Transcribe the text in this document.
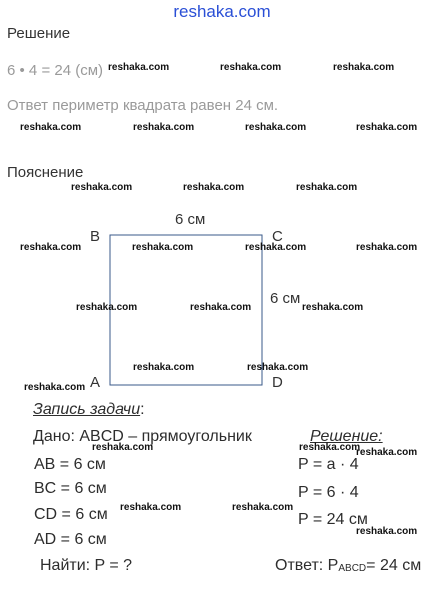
reshaka.com
Решение
6 • 4 = 24 (см)
Ответ периметр квадрата равен 24 см.
Пояснение
6 см
6 см
B	C
A	D
Запись задачи:
Дано: ABCD – прямоугольник	Решение:
AB = 6 см
BC = 6 см
CD = 6 см
AD = 6 см
Найти: P = ?
P = a · 4
P = 6 · 4
P = 24 см
Ответ: PABCD= 24 см
reshaka.com	reshaka.com	reshaka.com
reshaka.com	reshaka.com	reshaka.com	reshaka.com
reshaka.com	reshaka.com	reshaka.com
reshaka.com	reshaka.com	reshaka.com	reshaka.com
reshaka.com	reshaka.com	reshaka.com
reshaka.com	reshaka.com
reshaka.com
reshaka.com	reshaka.com
reshaka.com
reshaka.com	reshaka.com
reshaka.com
